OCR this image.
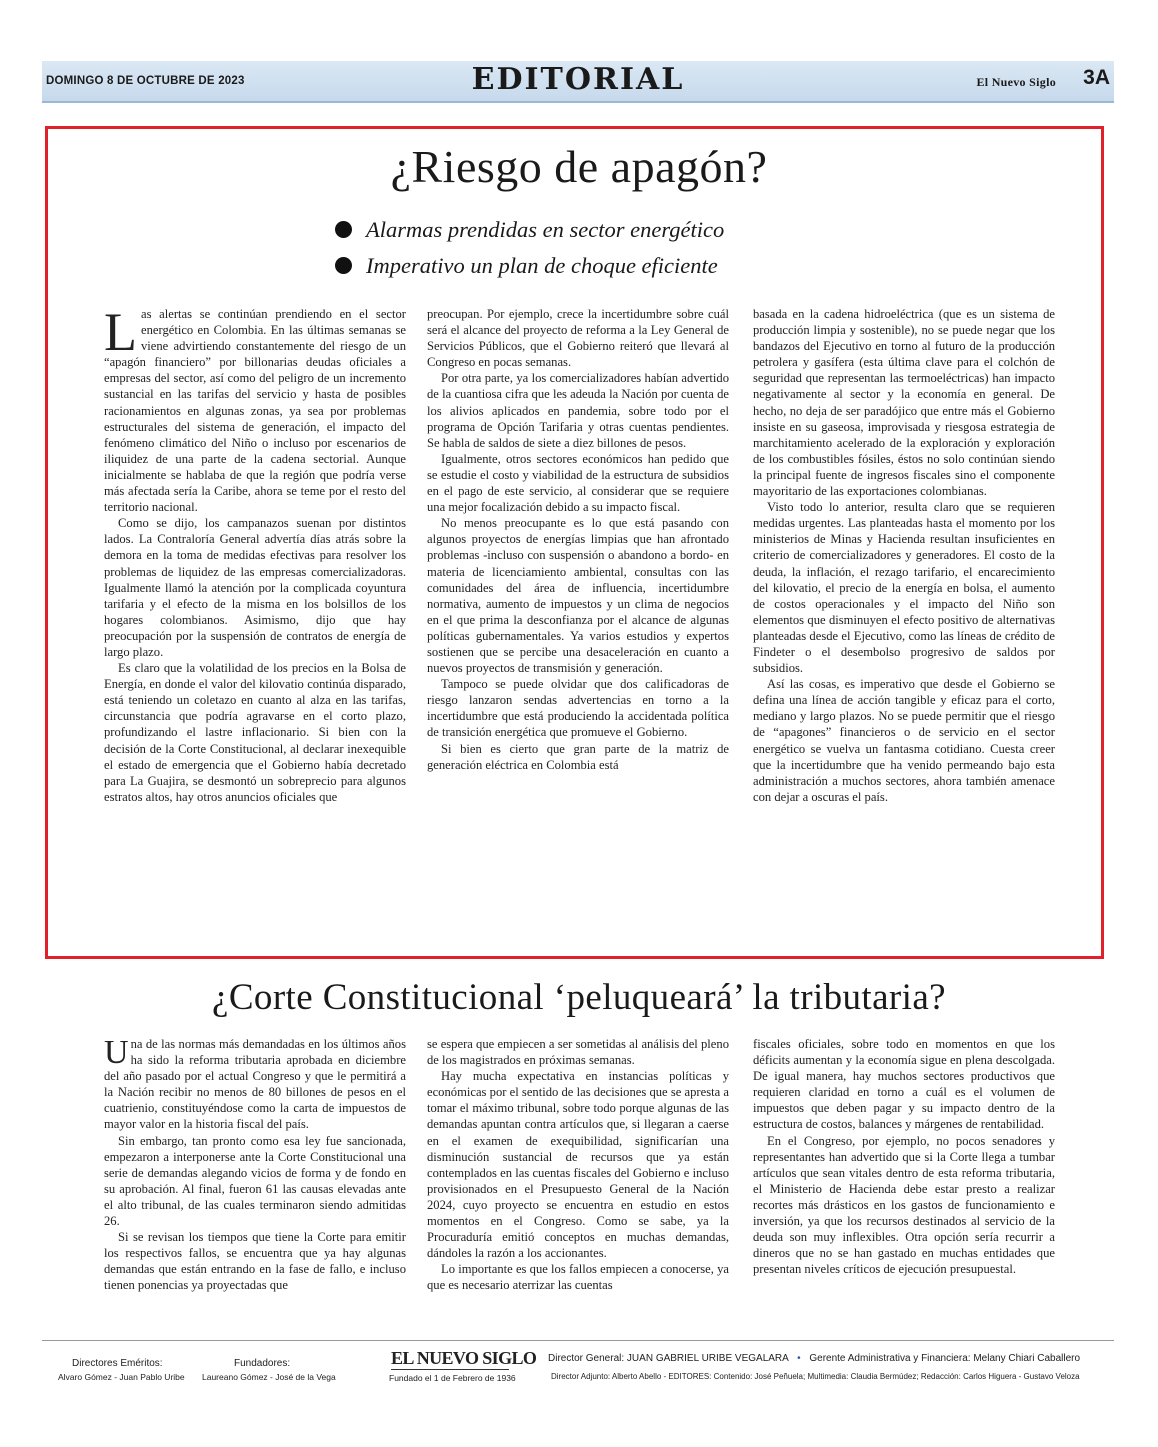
DOMINGO 8 DE OCTUBRE DE 2023	EDITORIAL	El Nuevo Siglo 3A
¿Riesgo de apagón?
Alarmas prendidas en sector energético
Imperativo un plan de choque eficiente

Las alertas se continúan prendiendo en el sector energético en Colombia. En las últimas semanas se viene advirtiendo constantemente del riesgo de un “apagón financiero” por billonarias deudas oficiales a empresas del sector, así como del peligro de un incremento sustancial en las tarifas del servicio y hasta de posibles racionamientos en algunas zonas, ya sea por problemas estructurales del sistema de generación, el impacto del fenómeno climático del Niño o incluso por escenarios de iliquidez de una parte de la cadena sectorial. Aunque inicialmente se hablaba de que la región que podría verse más afectada sería la Caribe, ahora se teme por el resto del territorio nacional.

Como se dijo, los campanazos suenan por distintos lados. La Contraloría General advertía días atrás sobre la demora en la toma de medidas efectivas para resolver los problemas de liquidez de las empresas comercializadoras. Igualmente llamó la atención por la complicada coyuntura tarifaria y el efecto de la misma en los bolsillos de los hogares colombianos. Asimismo, dijo que hay preocupación por la suspensión de contratos de energía de largo plazo.

Es claro que la volatilidad de los precios en la Bolsa de Energía, en donde el valor del kilovatio continúa disparado, está teniendo un coletazo en cuanto al alza en las tarifas, circunstancia que podría agravarse en el corto plazo, profundizando el lastre inflacionario. Si bien con la decisión de la Corte Constitucional, al declarar inexequible el estado de emergencia que el Gobierno había decretado para La Guajira, se desmontó un sobreprecio para algunos estratos altos, hay otros anuncios oficiales que

preocupan. Por ejemplo, crece la incertidumbre sobre cuál será el alcance del proyecto de reforma a la Ley General de Servicios Públicos, que el Gobierno reiteró que llevará al Congreso en pocas semanas.

Por otra parte, ya los comercializadores habían advertido de la cuantiosa cifra que les adeuda la Nación por cuenta de los alivios aplicados en pandemia, sobre todo por el programa de Opción Tarifaria y otras cuentas pendientes. Se habla de saldos de siete a diez billones de pesos.

Igualmente, otros sectores económicos han pedido que se estudie el costo y viabilidad de la estructura de subsidios en el pago de este servicio, al considerar que se requiere una mejor focalización debido a su impacto fiscal.

No menos preocupante es lo que está pasando con algunos proyectos de energías limpias que han afrontado problemas -incluso con suspensión o abandono a bordo- en materia de licenciamiento ambiental, consultas con las comunidades del área de influencia, incertidumbre normativa, aumento de impuestos y un clima de negocios en el que prima la desconfianza por el alcance de algunas políticas gubernamentales. Ya varios estudios y expertos sostienen que se percibe una desaceleración en cuanto a nuevos proyectos de transmisión y generación.

Tampoco se puede olvidar que dos calificadoras de riesgo lanzaron sendas advertencias en torno a la incertidumbre que está produciendo la accidentada política de transición energética que promueve el Gobierno.

Si bien es cierto que gran parte de la matriz de generación eléctrica en Colombia está

basada en la cadena hidroeléctrica (que es un sistema de producción limpia y sostenible), no se puede negar que los bandazos del Ejecutivo en torno al futuro de la producción petrolera y gasífera (esta última clave para el colchón de seguridad que representan las termoeléctricas) han impacto negativamente al sector y la economía en general. De hecho, no deja de ser paradójico que entre más el Gobierno insiste en su gaseosa, improvisada y riesgosa estrategia de marchitamiento acelerado de la exploración y exploración de los combustibles fósiles, éstos no solo continúan siendo la principal fuente de ingresos fiscales sino el componente mayoritario de las exportaciones colombianas.

Visto todo lo anterior, resulta claro que se requieren medidas urgentes. Las planteadas hasta el momento por los ministerios de Minas y Hacienda resultan insuficientes en criterio de comercializadores y generadores. El costo de la deuda, la inflación, el rezago tarifario, el encarecimiento del kilovatio, el precio de la energía en bolsa, el aumento de costos operacionales y el impacto del Niño son elementos que disminuyen el efecto positivo de alternativas planteadas desde el Ejecutivo, como las líneas de crédito de Findeter o el desembolso progresivo de saldos por subsidios.

Así las cosas, es imperativo que desde el Gobierno se defina una línea de acción tangible y eficaz para el corto, mediano y largo plazos. No se puede permitir que el riesgo de “apagones” financieros o de servicio en el sector energético se vuelva un fantasma cotidiano. Cuesta creer que la incertidumbre que ha venido permeando bajo esta administración a muchos sectores, ahora también amenace con dejar a oscuras el país.

¿Corte Constitucional ‘peluqueará’ la tributaria?

Una de las normas más demandadas en los últimos años ha sido la reforma tributaria aprobada en diciembre del año pasado por el actual Congreso y que le permitirá a la Nación recibir no menos de 80 billones de pesos en el cuatrienio, constituyéndose como la carta de impuestos de mayor valor en la historia fiscal del país.

Sin embargo, tan pronto como esa ley fue sancionada, empezaron a interponerse ante la Corte Constitucional una serie de demandas alegando vicios de forma y de fondo en su aprobación. Al final, fueron 61 las causas elevadas ante el alto tribunal, de las cuales terminaron siendo admitidas 26.

Si se revisan los tiempos que tiene la Corte para emitir los respectivos fallos, se encuentra que ya hay algunas demandas que están entrando en la fase de fallo, e incluso tienen ponencias ya proyectadas que

se espera que empiecen a ser sometidas al análisis del pleno de los magistrados en próximas semanas.

Hay mucha expectativa en instancias políticas y económicas por el sentido de las decisiones que se apresta a tomar el máximo tribunal, sobre todo porque algunas de las demandas apuntan contra artículos que, si llegaran a caerse en el examen de exequibilidad, significarían una disminución sustancial de recursos que ya están contemplados en las cuentas fiscales del Gobierno e incluso provisionados en el Presupuesto General de la Nación 2024, cuyo proyecto se encuentra en estudio en estos momentos en el Congreso. Como se sabe, ya la Procuraduría emitió conceptos en muchas demandas, dándoles la razón a los accionantes.

Lo importante es que los fallos empiecen a conocerse, ya que es necesario aterrizar las cuentas

fiscales oficiales, sobre todo en momentos en que los déficits aumentan y la economía sigue en plena descolgada. De igual manera, hay muchos sectores productivos que requieren claridad en torno a cuál es el volumen de impuestos que deben pagar y su impacto dentro de la estructura de costos, balances y márgenes de rentabilidad.

En el Congreso, por ejemplo, no pocos senadores y representantes han advertido que si la Corte llega a tumbar artículos que sean vitales dentro de esta reforma tributaria, el Ministerio de Hacienda debe estar presto a realizar recortes más drásticos en los gastos de funcionamiento e inversión, ya que los recursos destinados al servicio de la deuda son muy inflexibles. Otra opción sería recurrir a dineros que no se han gastado en muchas entidades que presentan niveles críticos de ejecución presupuestal.

Directores Eméritos:
Alvaro Gómez - Juan Pablo Uribe
Fundadores:
Laureano Gómez - José de la Vega
EL NUEVO SIGLO
Fundado el 1 de Febrero de 1936
Director General: JUAN GABRIEL URIBE VEGALARA • Gerente Administrativa y Financiera: Melany Chiari Caballero
Director Adjunto: Alberto Abello - EDITORES: Contenido: José Peñuela; Multimedia: Claudia Bermúdez; Redacción: Carlos Higuera - Gustavo Veloza
